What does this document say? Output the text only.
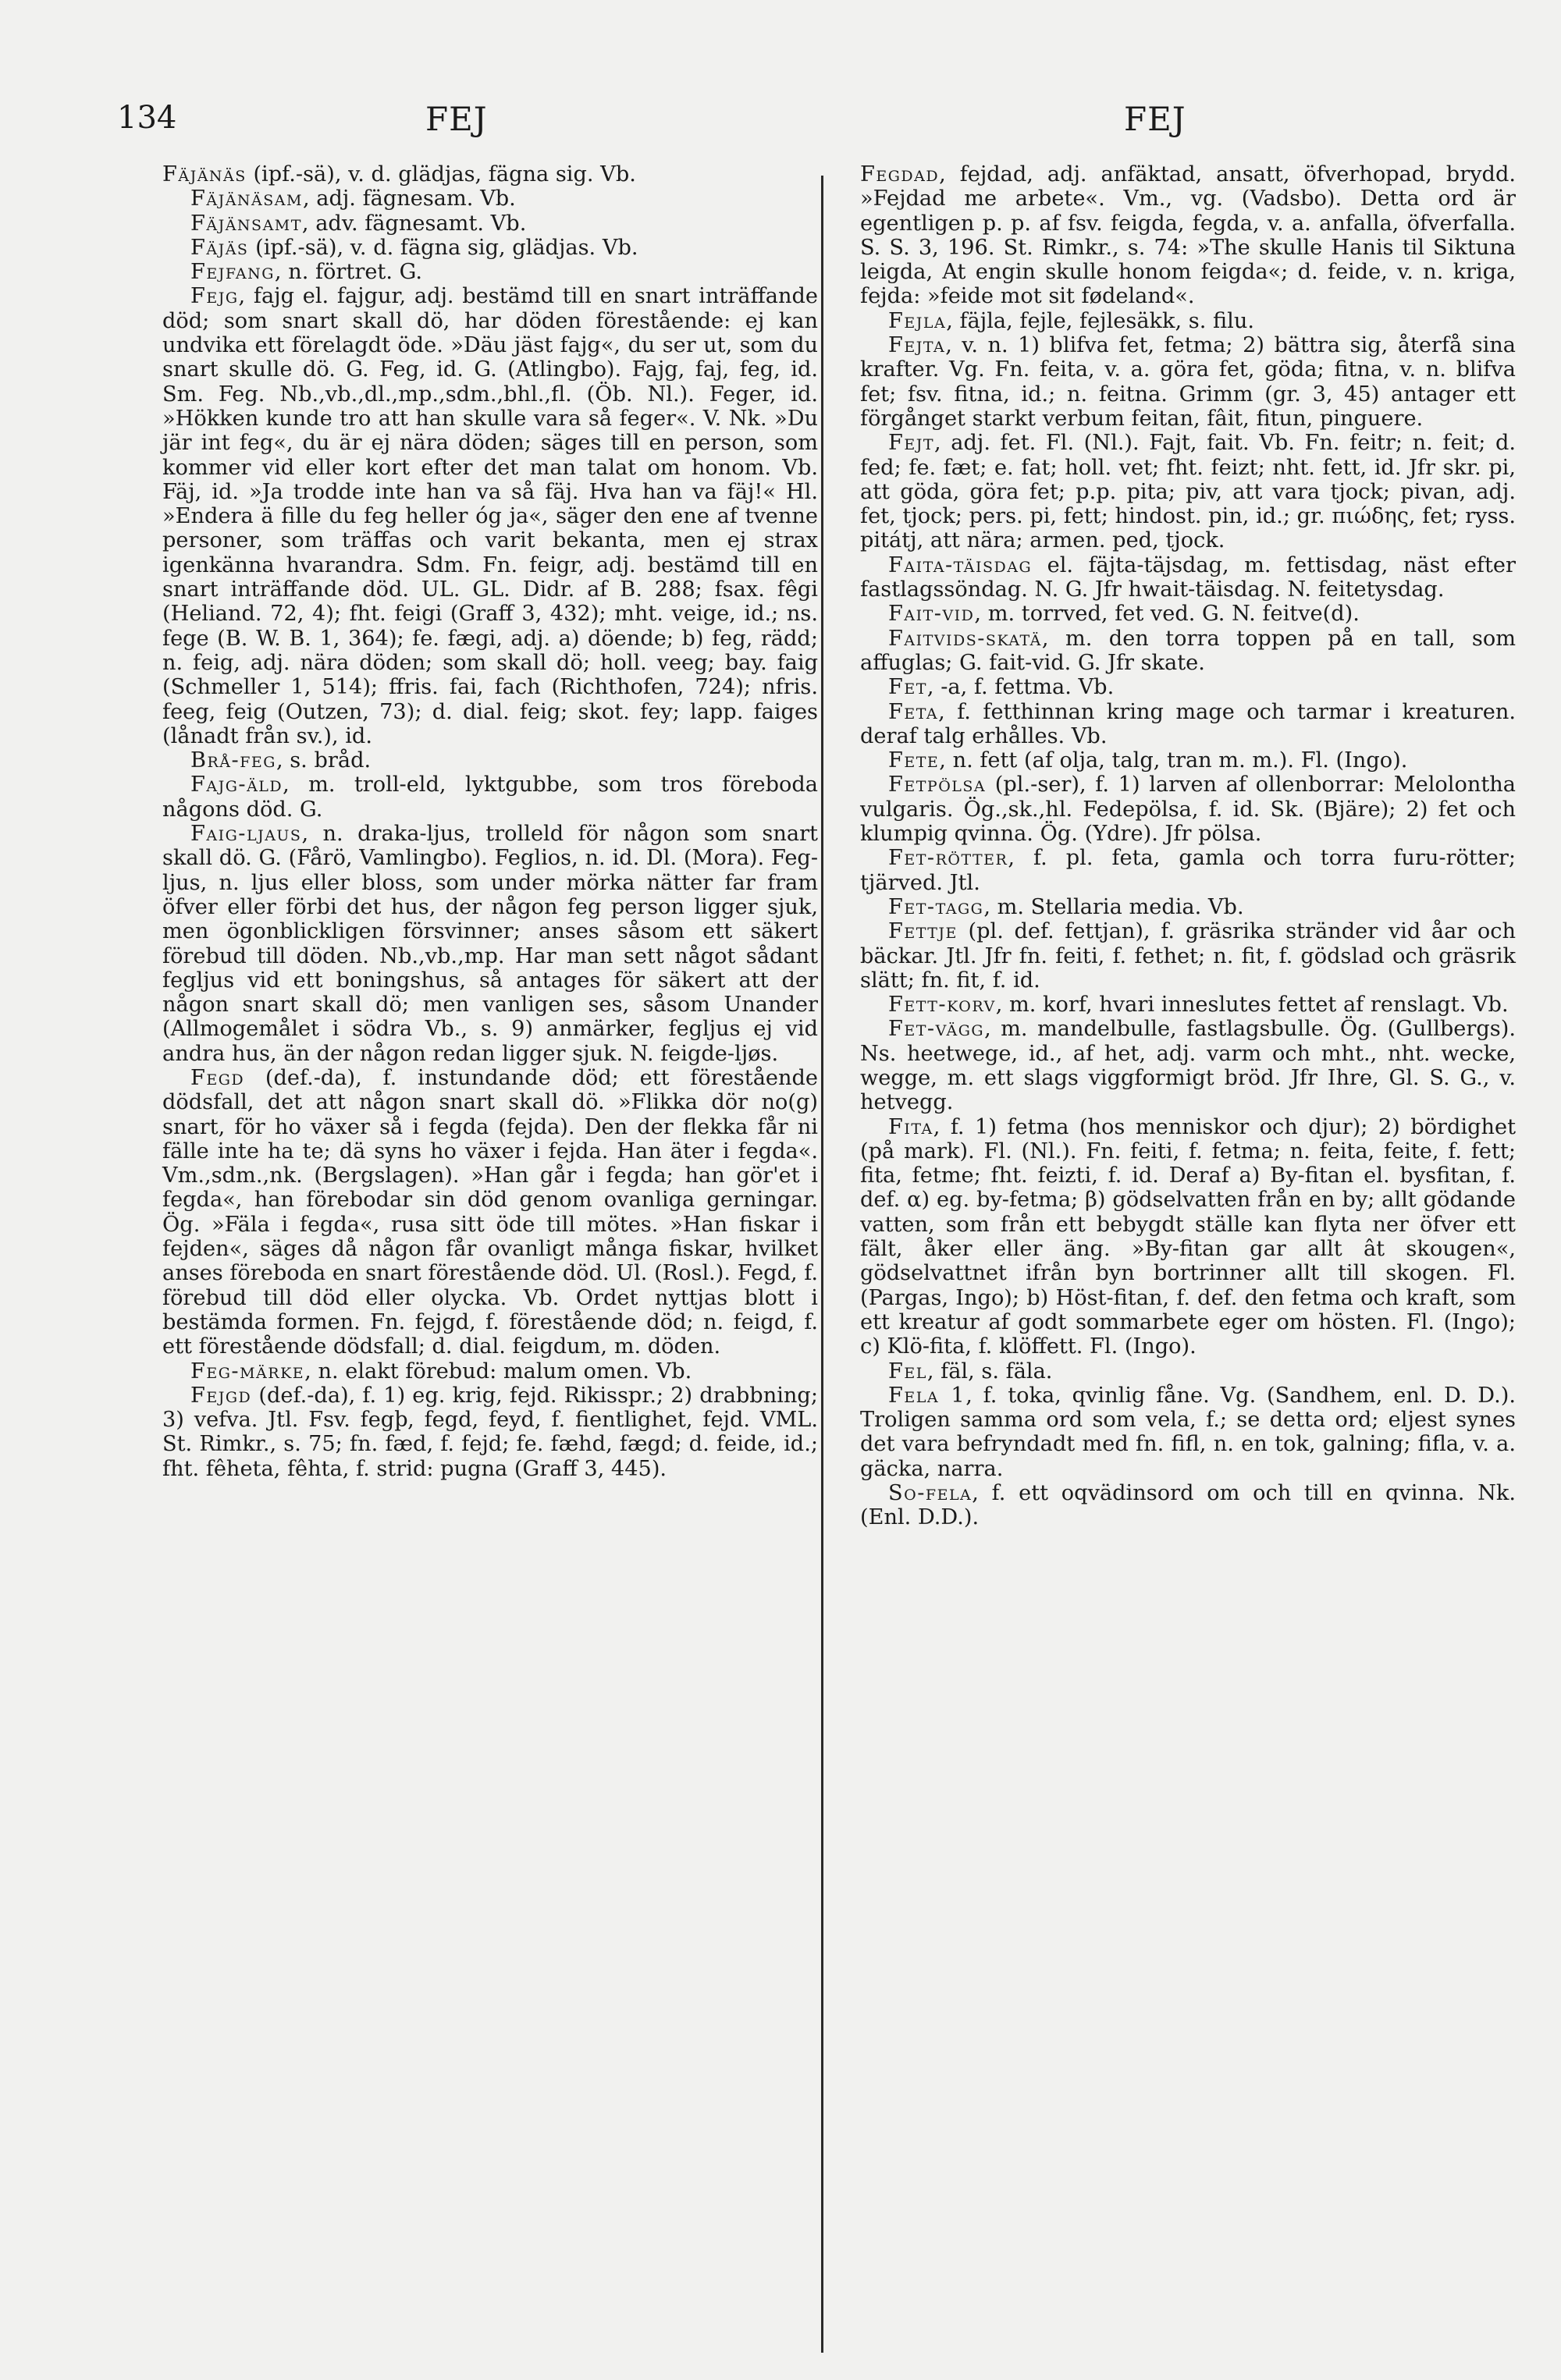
134	FEJ	FEJ

Fäjänäs (ipf.-sä), v. d. glädjas, fägna sig. Vb.

Fäjänäsam, adj. fägnesam. Vb.

Fäjänsamt, adv. fägnesamt. Vb.

Fäjäs (ipf.-sä), v. d. fägna sig, glädjas. Vb.

Fejfang, n. förtret. G.

Fejg, fajg el. fajgur, adj. bestämd till en snart inträffande död; som snart skall dö, har döden förestående: ej kan undvika ett förelagdt öde. »Däu jäst fajg«, du ser ut, som du snart skulle dö. G. Feg, id. G. (Atlingbo). Fajg, faj, feg, id. Sm. Feg. Nb.,vb.,dl.,mp.,sdm.,bhl.,fl. (Öb. Nl.). Feger, id. »Hökken kunde tro att han skulle vara så feger«. V. Nk. »Du jär int feg«, du är ej nära döden; säges till en person, som kommer vid eller kort efter det man talat om honom. Vb. Fäj, id. »Ja trodde inte han va så fäj. Hva han va fäj!« Hl. »Endera ä fille du feg heller óg ja«, säger den ene af tvenne personer, som träffas och varit bekanta, men ej strax igenkänna hvarandra. Sdm. Fn. feigr, adj. bestämd till en snart inträffande död. UL. GL. Didr. af B. 288; fsax. fêgi (Heliand. 72, 4); fht. feigi (Graff 3, 432); mht. veige, id.; ns. fege (B. W. B. 1, 364); fe. fægi, adj. a) döende; b) feg, rädd; n. feig, adj. nära döden; som skall dö; holl. veeg; bay. faig (Schmeller 1, 514); ffris. fai, fach (Richthofen, 724); nfris. feeg, feig (Outzen, 73); d. dial. feig; skot. fey; lapp. faiges (lånadt från sv.), id.

Brå-feg, s. bråd.

Fajg-äld, m. troll-eld, lyktgubbe, som tros föreboda någons död. G.

Faig-ljaus, n. draka-ljus, trolleld för någon som snart skall dö. G. (Fårö, Vamlingbo). Feglios, n. id. Dl. (Mora). Feg-ljus, n. ljus eller bloss, som under mörka nätter far fram öfver eller förbi det hus, der någon feg person ligger sjuk, men ögonblickligen försvinner; anses såsom ett säkert förebud till döden. Nb.,vb.,mp. Har man sett något sådant fegljus vid ett boningshus, så antages för säkert att der någon snart skall dö; men vanligen ses, såsom Unander (Allmogemålet i södra Vb., s. 9) anmärker, fegljus ej vid andra hus, än der någon redan ligger sjuk. N. feigde-ljøs.

Fegd (def.-da), f. instundande död; ett förestående dödsfall, det att någon snart skall dö. »Flikka dör no(g) snart, för ho växer så i fegda (fejda). Den der flekka får ni fälle inte ha te; dä syns ho växer i fejda. Han äter i fegda«. Vm.,sdm.,nk. (Bergslagen). »Han går i fegda; han gör'et i fegda«, han förebodar sin död genom ovanliga gerningar. Ög. »Fäla i fegda«, rusa sitt öde till mötes. »Han fiskar i fejden«, säges då någon får ovanligt många fiskar, hvilket anses föreboda en snart förestående död. Ul. (Rosl.). Fegd, f. förebud till död eller olycka. Vb. Ordet nyttjas blott i bestämda formen. Fn. fejgd, f. förestående död; n. feigd, f. ett förestående dödsfall; d. dial. feigdum, m. döden.

Feg-märke, n. elakt förebud: malum omen. Vb.

Fejgd (def.-da), f. 1) eg. krig, fejd. Rikisspr.; 2) drabbning; 3) vefva. Jtl. Fsv. fegþ, fegd, feyd, f. fientlighet, fejd. VML. St. Rimkr., s. 75; fn. fæd, f. fejd; fe. fæhd, fægd; d. feide, id.; fht. fêheta, fêhta, f. strid: pugna (Graff 3, 445).

Fegdad, fejdad, adj. anfäktad, ansatt, öfverhopad, brydd. »Fejdad me arbete«. Vm., vg. (Vadsbo). Detta ord är egentligen p. p. af fsv. feigda, fegda, v. a. anfalla, öfverfalla. S. S. 3, 196. St. Rimkr., s. 74: »The skulle Hanis til Siktuna leigda, At engin skulle honom feigda«; d. feide, v. n. kriga, fejda: »feide mot sit fødeland«.

Fejla, fäjla, fejle, fejlesäkk, s. filu.

Fejta, v. n. 1) blifva fet, fetma; 2) bättra sig, återfå sina krafter. Vg. Fn. feita, v. a. göra fet, göda; fitna, v. n. blifva fet; fsv. fitna, id.; n. feitna. Grimm (gr. 3, 45) antager ett förgånget starkt verbum feitan, fâit, fitun, pinguere.

Fejt, adj. fet. Fl. (Nl.). Fajt, fait. Vb. Fn. feitr; n. feit; d. fed; fe. fæt; e. fat; holl. vet; fht. feizt; nht. fett, id. Jfr skr. pi, att göda, göra fet; p.p. pita; piv, att vara tjock; pivan, adj. fet, tjock; pers. pi, fett; hindost. pin, id.; gr. πιώδης, fet; ryss. pitátj, att nära; armen. ped, tjock.

Faita-täisdag el. fäjta-täjsdag, m. fettisdag, näst efter fastlagssöndag. N. G. Jfr hwait-täisdag. N. feitetysdag.

Fait-vid, m. torrved, fet ved. G. N. feitve(d).

Faitvids-skatä, m. den torra toppen på en tall, som affuglas; G. fait-vid. G. Jfr skate.

Fet, -a, f. fettma. Vb.

Feta, f. fetthinnan kring mage och tarmar i kreaturen. deraf talg erhålles. Vb.

Fete, n. fett (af olja, talg, tran m. m.). Fl. (Ingo).

Fetpölsa (pl.-ser), f. 1) larven af ollenborrar: Melolontha vulgaris. Ög.,sk.,hl. Fedepölsa, f. id. Sk. (Bjäre); 2) fet och klumpig qvinna. Ög. (Ydre). Jfr pölsa.

Fet-rötter, f. pl. feta, gamla och torra furu-rötter; tjärved. Jtl.

Fet-tagg, m. Stellaria media. Vb.

Fettje (pl. def. fettjan), f. gräsrika stränder vid åar och bäckar. Jtl. Jfr fn. feiti, f. fethet; n. fit, f. gödslad och gräsrik slätt; fn. fit, f. id.

Fett-korv, m. korf, hvari inneslutes fettet af renslagt. Vb.

Fet-vägg, m. mandelbulle, fastlagsbulle. Ög. (Gullbergs). Ns. heetwege, id., af het, adj. varm och mht., nht. wecke, wegge, m. ett slags viggformigt bröd. Jfr Ihre, Gl. S. G., v. hetvegg.

Fita, f. 1) fetma (hos menniskor och djur); 2) bördighet (på mark). Fl. (Nl.). Fn. feiti, f. fetma; n. feita, feite, f. fett; fita, fetme; fht. feizti, f. id. Deraf a) By-fitan el. bysfitan, f. def. α) eg. by-fetma; β) gödselvatten från en by; allt gödande vatten, som från ett bebygdt ställe kan flyta ner öfver ett fält, åker eller äng. »By-fitan gar allt ât skougen«, gödselvattnet ifrån byn bortrinner allt till skogen. Fl. (Pargas, Ingo); b) Höst-fitan, f. def. den fetma och kraft, som ett kreatur af godt sommarbete eger om hösten. Fl. (Ingo); c) Klö-fita, f. klöffett. Fl. (Ingo).

Fel, fäl, s. fäla.

Fela 1, f. toka, qvinlig fåne. Vg. (Sandhem, enl. D. D.). Troligen samma ord som vela, f.; se detta ord; eljest synes det vara befryndadt med fn. fifl, n. en tok, galning; fifla, v. a. gäcka, narra.

So-fela, f. ett oqvädinsord om och till en qvinna. Nk. (Enl. D.D.).
